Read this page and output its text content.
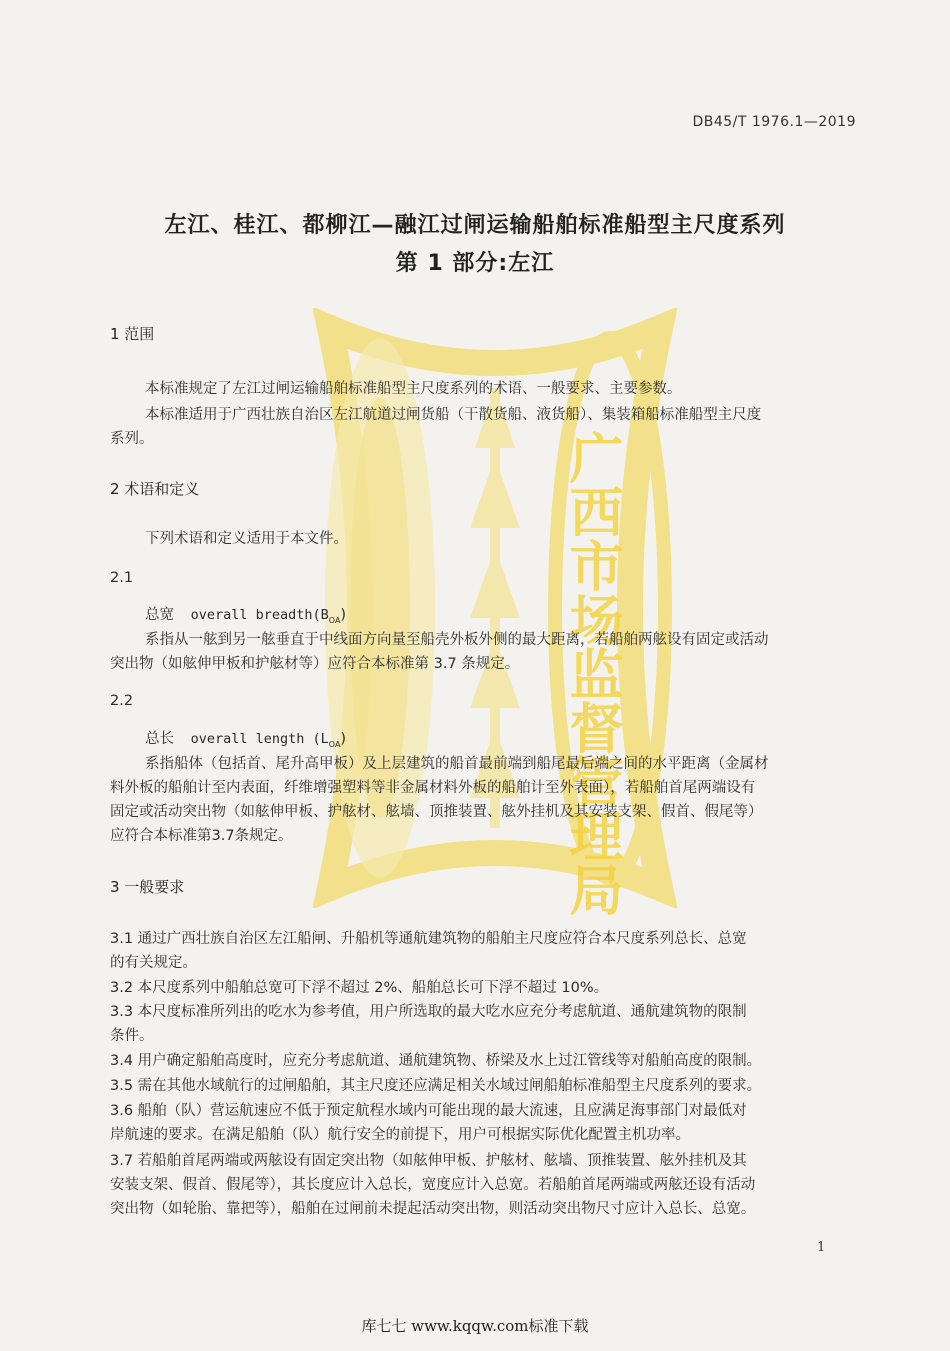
广西市场监督管理局
DB45/T 1976.1—2019
左江、桂江、都柳江—融江过闸运输船舶标准船型主尺度系列
第 1 部分:左江
1 范围
本标准规定了左江过闸运输船舶标准船型主尺度系列的术语、一般要求、主要参数。
本标准适用于广西壮族自治区左江航道过闸货船（干散货船、液货船）、集装箱船标准船型主尺度
系列。
2 术语和定义
下列术语和定义适用于本文件。
2.1
总宽 overall $breadth(B_{OA})$
系指从一舷到另一舷垂直于中线面方向量至船壳外板外侧的最大距离，若船舶两舷设有固定或活动
突出物（如舷伸甲板和护舷材等）应符合本标准第 3.7 条规定。
2.2
总长 overall length $(L_{OA})$
系指船体（包括首、尾升高甲板）及上层建筑的船首最前端到船尾最后端之间的水平距离（金属材
料外板的船舶计至内表面，纤维增强塑料等非金属材料外板的船舶计至外表面），若船舶首尾两端设有
固定或活动突出物（如舷伸甲板、护舷材、舷墙、顶推装置、舷外挂机及其安装支架、假首、假尾等）
应符合本标准第3.7条规定。
3 一般要求
3.1 通过广西壮族自治区左江船闸、升船机等通航建筑物的船舶主尺度应符合本尺度系列总长、总宽
的有关规定。
3.2 本尺度系列中船舶总宽可下浮不超过 2%、船舶总长可下浮不超过 10%。
3.3 本尺度标准所列出的吃水为参考值，用户所选取的最大吃水应充分考虑航道、通航建筑物的限制
条件。
3.4 用户确定船舶高度时，应充分考虑航道、通航建筑物、桥梁及水上过江管线等对船舶高度的限制。
3.5 需在其他水域航行的过闸船舶，其主尺度还应满足相关水域过闸船舶标准船型主尺度系列的要求。
3.6 船舶（队）营运航速应不低于预定航程水域内可能出现的最大流速，且应满足海事部门对最低对
岸航速的要求。在满足船舶（队）航行安全的前提下，用户可根据实际优化配置主机功率。
3.7 若船舶首尾两端或两舷设有固定突出物（如舷伸甲板、护舷材、舷墙、顶推装置、舷外挂机及其
安装支架、假首、假尾等），其长度应计入总长，宽度应计入总宽。若船舶首尾两端或两舷还设有活动
突出物（如轮胎、靠把等），船舶在过闸前未提起活动突出物，则活动突出物尺寸应计入总长、总宽。
1
库七七 www.kqqw.com标准下载
